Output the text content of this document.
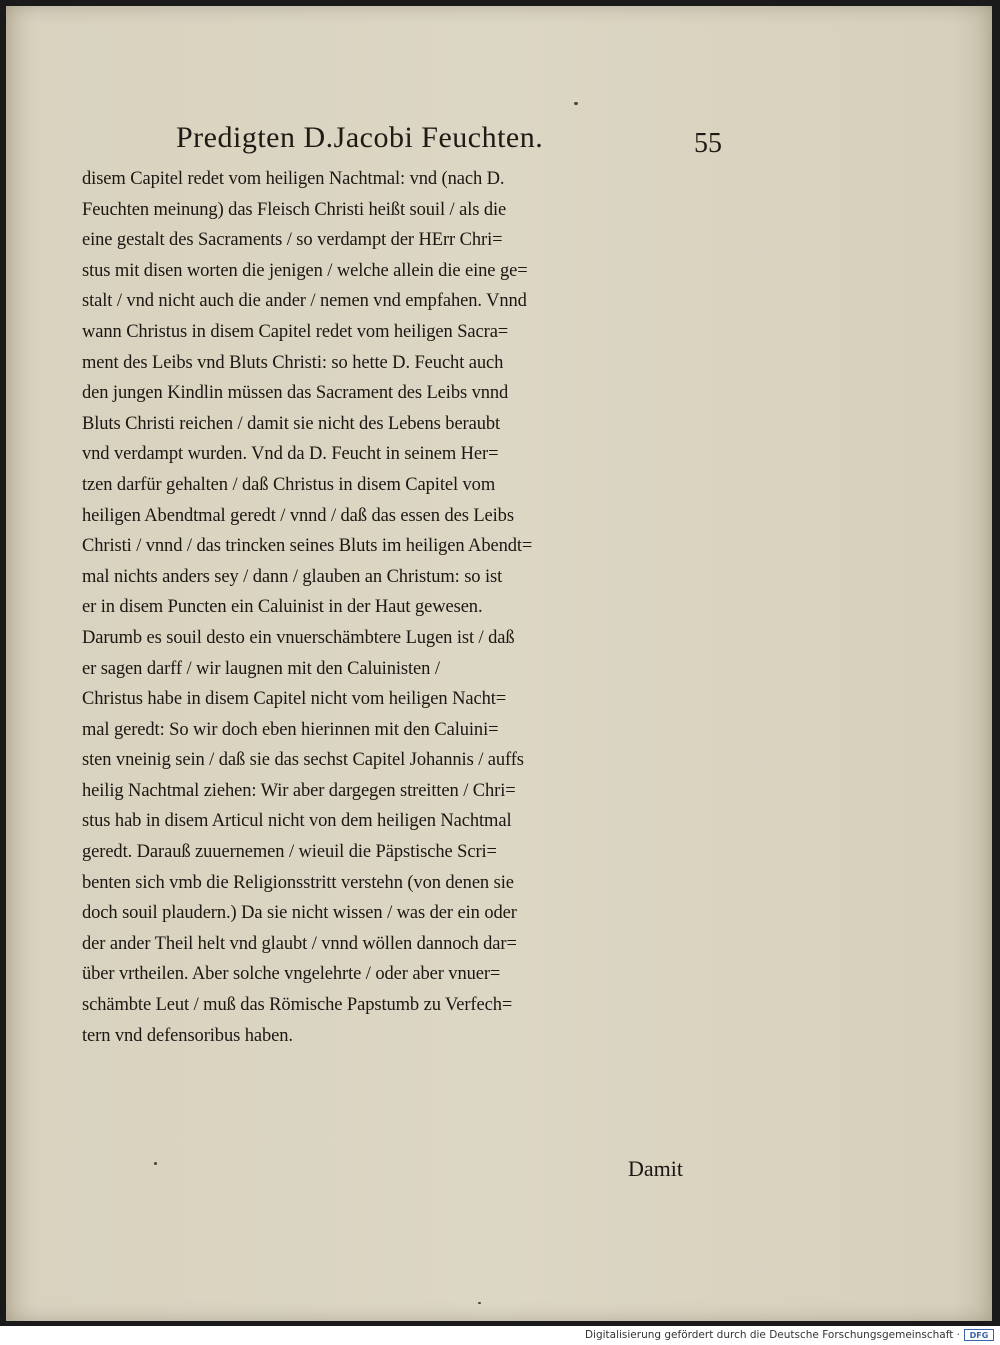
Predigten D.Jacobi Feuchten.	55
disem Capitel redet vom heiligen Nachtmal: vnd (nach D.
Feuchten meinung) das Fleisch Christi heißt souil / als die
eine gestalt des Sacraments / so verdampt der HErr Chri=
stus mit disen worten die jenigen / welche allein die eine ge=
stalt / vnd nicht auch die ander / nemen vnd empfahen. Vnnd
wann Christus in disem Capitel redet vom heiligen Sacra=
ment des Leibs vnd Bluts Christi: so hette D. Feucht auch
den jungen Kindlin müssen das Sacrament des Leibs vnnd
Bluts Christi reichen / damit sie nicht des Lebens beraubt
vnd verdampt wurden. Vnd da D. Feucht in seinem Her=
tzen darfür gehalten / daß Christus in disem Capitel vom
heiligen Abendtmal geredt / vnnd / daß das essen des Leibs
Christi / vnnd / das trincken seines Bluts im heiligen Abendt=
mal nichts anders sey / dann / glauben an Christum: so ist
er in disem Puncten ein Caluinist in der Haut gewesen.
Darumb es souil desto ein vnuerschämbtere Lugen ist / daß
er sagen darff / wir laugnen mit den Caluinisten /
Christus habe in disem Capitel nicht vom heiligen Nacht=
mal geredt: So wir doch eben hierinnen mit den Caluini=
sten vneinig sein / daß sie das sechst Capitel Johannis / auffs
heilig Nachtmal ziehen: Wir aber dargegen streitten / Chri=
stus hab in disem Articul nicht von dem heiligen Nachtmal
geredt. Darauß zuuernemen / wieuil die Päpstische Scri=
benten sich vmb die Religionsstritt verstehn (von denen sie
doch souil plaudern.) Da sie nicht wissen / was der ein oder
der ander Theil helt vnd glaubt / vnnd wöllen dannoch dar=
über vrtheilen. Aber solche vngelehrte / oder aber vnuer=
schämbte Leut / muß das Römische Papstumb zu Verfech=
tern vnd defensoribus haben.
Damit
Digitalisierung gefördert durch die Deutsche Forschungsgemeinschaft ·	DFG
